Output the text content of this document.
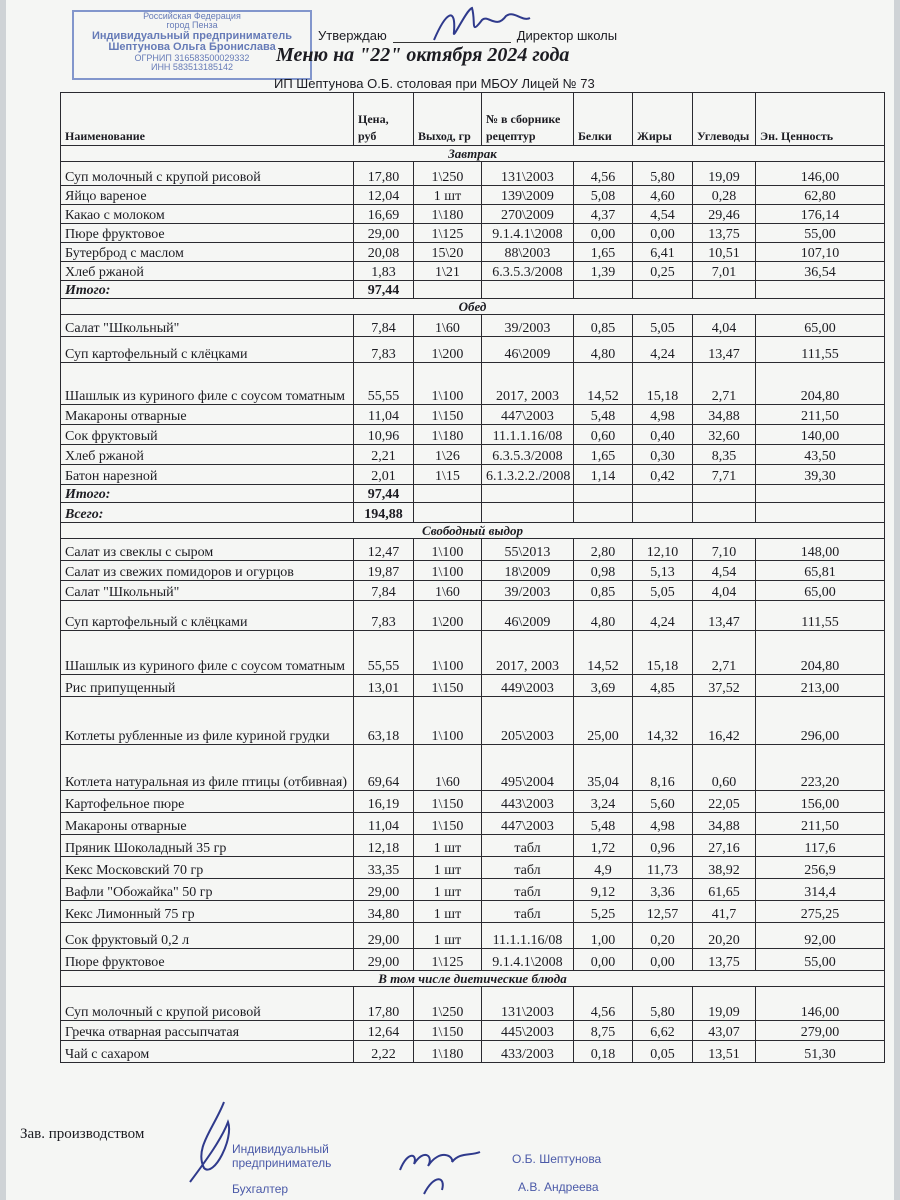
Российская Федерация
город Пенза
Индивидуальный предприниматель
Шептунова Ольга Бронислава
ОГРНИП 316583500029332
ИНН 583513185142
Утверждаю	Директор школы
Меню на "22" октября 2024 года
ИП Шептунова О.Б. столовая при МБОУ Лицей № 73
Наименование	Цена, руб	Выход, гр	№ в сборнике рецептур	Белки	Жиры	Углеводы	Эн. Ценность
Завтрак							
Суп молочный с крупой рисовой	17,80	1\250	131\2003	4,56	5,80	19,09	146,00
Яйцо вареное	12,04	1 шт	139\2009	5,08	4,60	0,28	62,80
Какао с молоком	16,69	1\180	270\2009	4,37	4,54	29,46	176,14
Пюре фруктовое	29,00	1\125	9.1.4.1\2008	0,00	0,00	13,75	55,00
Бутерброд с маслом	20,08	15\20	88\2003	1,65	6,41	10,51	107,10
Хлеб ржаной	1,83	1\21	6.3.5.3/2008	1,39	0,25	7,01	36,54
Итого:	97,44						
Обед							
Салат "Школьный"	7,84	1\60	39/2003	0,85	5,05	4,04	65,00
Суп картофельный с клёцками	7,83	1\200	46\2009	4,80	4,24	13,47	111,55
Шашлык из куриного филе с соусом томатным	55,55	1\100	2017, 2003	14,52	15,18	2,71	204,80
Макароны отварные	11,04	1\150	447\2003	5,48	4,98	34,88	211,50
Сок фруктовый	10,96	1\180	11.1.1.16/08	0,60	0,40	32,60	140,00
Хлеб ржаной	2,21	1\26	6.3.5.3/2008	1,65	0,30	8,35	43,50
Батон нарезной	2,01	1\15	6.1.3.2.2./2008	1,14	0,42	7,71	39,30
Итого:	97,44						
Всего:	194,88						
Свободный выдор							
Салат из свеклы с сыром	12,47	1\100	55\2013	2,80	12,10	7,10	148,00
Салат из свежих помидоров и огурцов	19,87	1\100	18\2009	0,98	5,13	4,54	65,81
Салат "Школьный"	7,84	1\60	39/2003	0,85	5,05	4,04	65,00
Суп картофельный с клёцками	7,83	1\200	46\2009	4,80	4,24	13,47	111,55
Шашлык из куриного филе с соусом томатным	55,55	1\100	2017, 2003	14,52	15,18	2,71	204,80
Рис припущенный	13,01	1\150	449\2003	3,69	4,85	37,52	213,00
Котлеты рубленные из филе куриной грудки	63,18	1\100	205\2003	25,00	14,32	16,42	296,00
Котлета натуральная из филе птицы (отбивная)	69,64	1\60	495\2004	35,04	8,16	0,60	223,20
Картофельное пюре	16,19	1\150	443\2003	3,24	5,60	22,05	156,00
Макароны отварные	11,04	1\150	447\2003	5,48	4,98	34,88	211,50
Пряник Шоколадный 35 гр	12,18	1 шт	табл	1,72	0,96	27,16	117,6
Кекс Московский 70 гр	33,35	1 шт	табл	4,9	11,73	38,92	256,9
Вафли "Обожайка" 50 гр	29,00	1 шт	табл	9,12	3,36	61,65	314,4
Кекс Лимонный 75 гр	34,80	1 шт	табл	5,25	12,57	41,7	275,25
Сок фруктовый 0,2 л	29,00	1 шт	11.1.1.16/08	1,00	0,20	20,20	92,00
Пюре фруктовое	29,00	1\125	9.1.4.1\2008	0,00	0,00	13,75	55,00
В том числе диетические блюда							
Суп молочный с крупой рисовой	17,80	1\250	131\2003	4,56	5,80	19,09	146,00
Гречка отварная рассыпчатая	12,64	1\150	445\2003	8,75	6,62	43,07	279,00
Чай с сахаром	2,22	1\180	433/2003	0,18	0,05	13,51	51,30
Зав. производством
Индивидуальный
предприниматель	О.Б. Шептунова
Бухгалтер	А.В. Андреева
